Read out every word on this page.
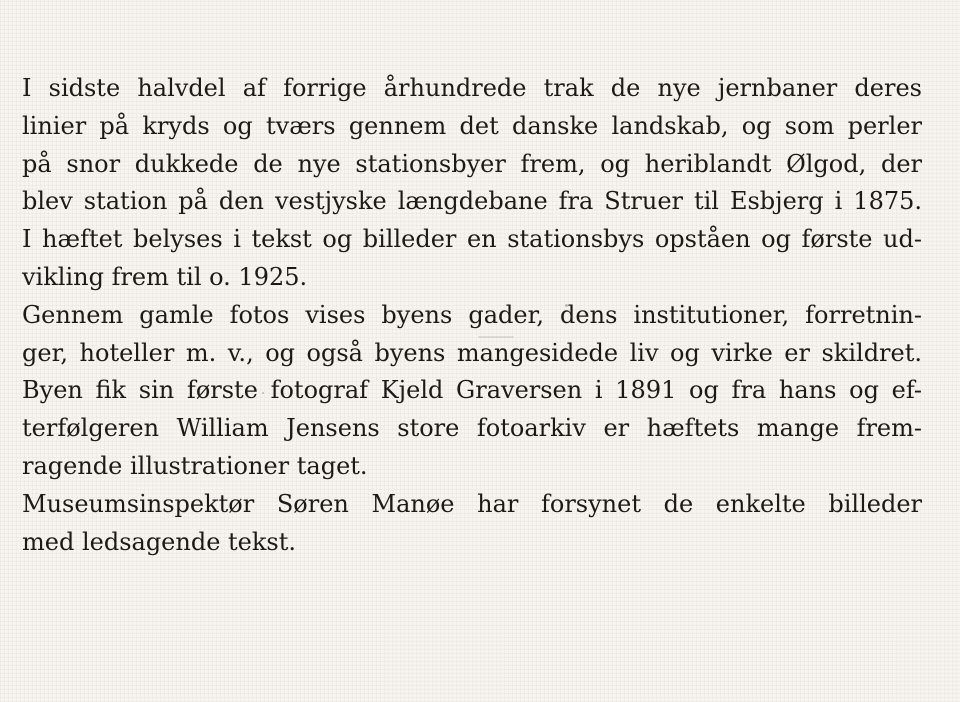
I sidste halvdel af forrige århundrede trak de nye jernbaner deres
linier på kryds og tværs gennem det danske landskab, og som perler
på snor dukkede de nye stationsbyer frem, og heriblandt Ølgod, der
blev station på den vestjyske længdebane fra Struer til Esbjerg i 1875.
I hæftet belyses i tekst og billeder en stationsbys opståen og første ud-
vikling frem til o. 1925.
Gennem gamle fotos vises byens gader, dens institutioner, forretnin-
ger, hoteller m. v., og også byens mangesidede liv og virke er skildret.
Byen fik sin første fotograf Kjeld Graversen i 1891 og fra hans og ef-
terfølgeren William Jensens store fotoarkiv er hæftets mange frem-
ragende illustrationer taget.
Museumsinspektør Søren Manøe har forsynet de enkelte billeder
med ledsagende tekst.
